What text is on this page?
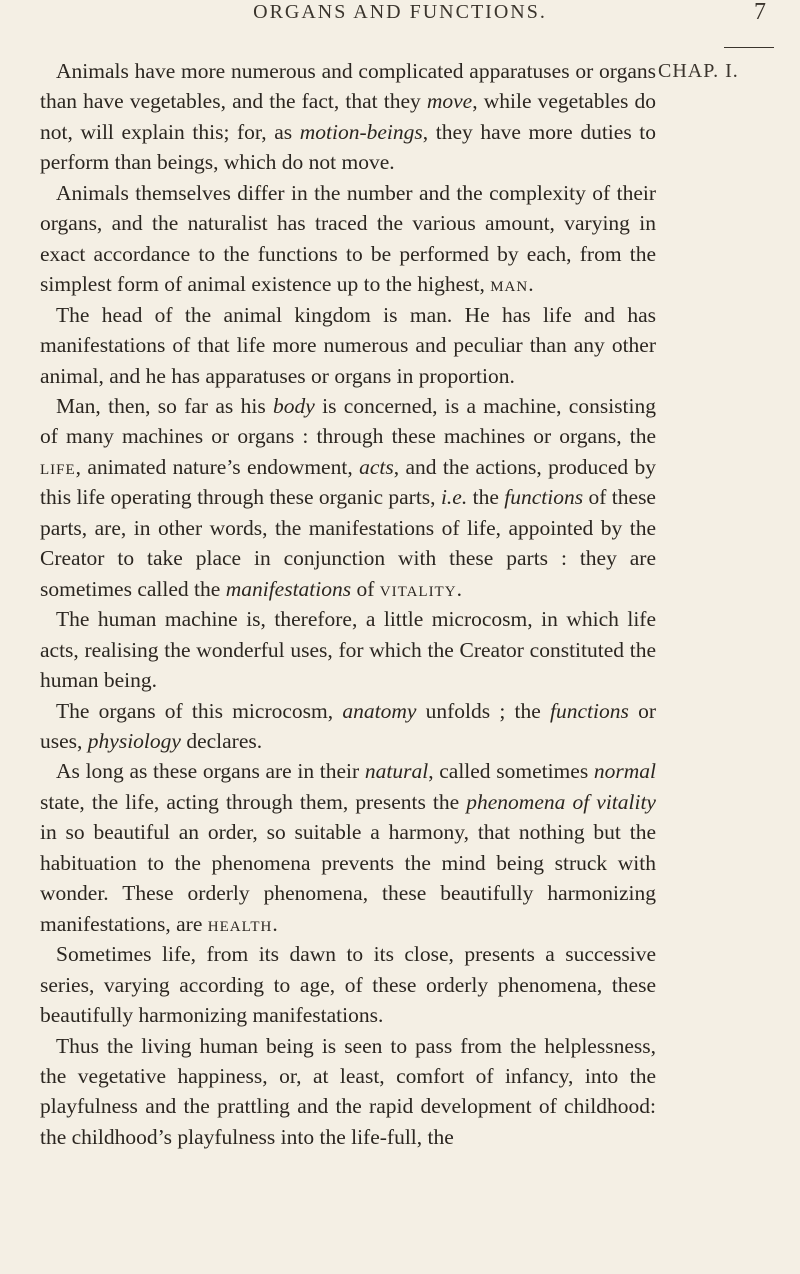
ORGANS AND FUNCTIONS.	7
CHAP. I.

Animals have more numerous and complicated apparatuses or organs than have vegetables, and the fact, that they move, while vegetables do not, will explain this; for, as motion-beings, they have more duties to perform than beings, which do not move.

Animals themselves differ in the number and the complexity of their organs, and the naturalist has traced the various amount, varying in exact accordance to the functions to be performed by each, from the simplest form of animal existence up to the highest, man.

The head of the animal kingdom is man. He has life and has manifestations of that life more numerous and peculiar than any other animal, and he has apparatuses or organs in proportion.

Man, then, so far as his body is concerned, is a machine, consisting of many machines or organs : through these machines or organs, the life, animated nature’s endowment, acts, and the actions, produced by this life operating through these organic parts, i.e. the functions of these parts, are, in other words, the manifestations of life, appointed by the Creator to take place in conjunction with these parts : they are sometimes called the manifestations of vitality.

The human machine is, therefore, a little microcosm, in which life acts, realising the wonderful uses, for which the Creator constituted the human being.

The organs of this microcosm, anatomy unfolds ; the functions or uses, physiology declares.

As long as these organs are in their natural, called sometimes normal state, the life, acting through them, presents the phenomena of vitality in so beautiful an order, so suitable a harmony, that nothing but the habituation to the phenomena prevents the mind being struck with wonder. These orderly phenomena, these beautifully harmonizing manifestations, are health.

Sometimes life, from its dawn to its close, presents a successive series, varying according to age, of these orderly phenomena, these beautifully harmonizing manifestations.

Thus the living human being is seen to pass from the helplessness, the vegetative happiness, or, at least, comfort of infancy, into the playfulness and the prattling and the rapid development of childhood: the childhood’s playfulness into the life-full, the
